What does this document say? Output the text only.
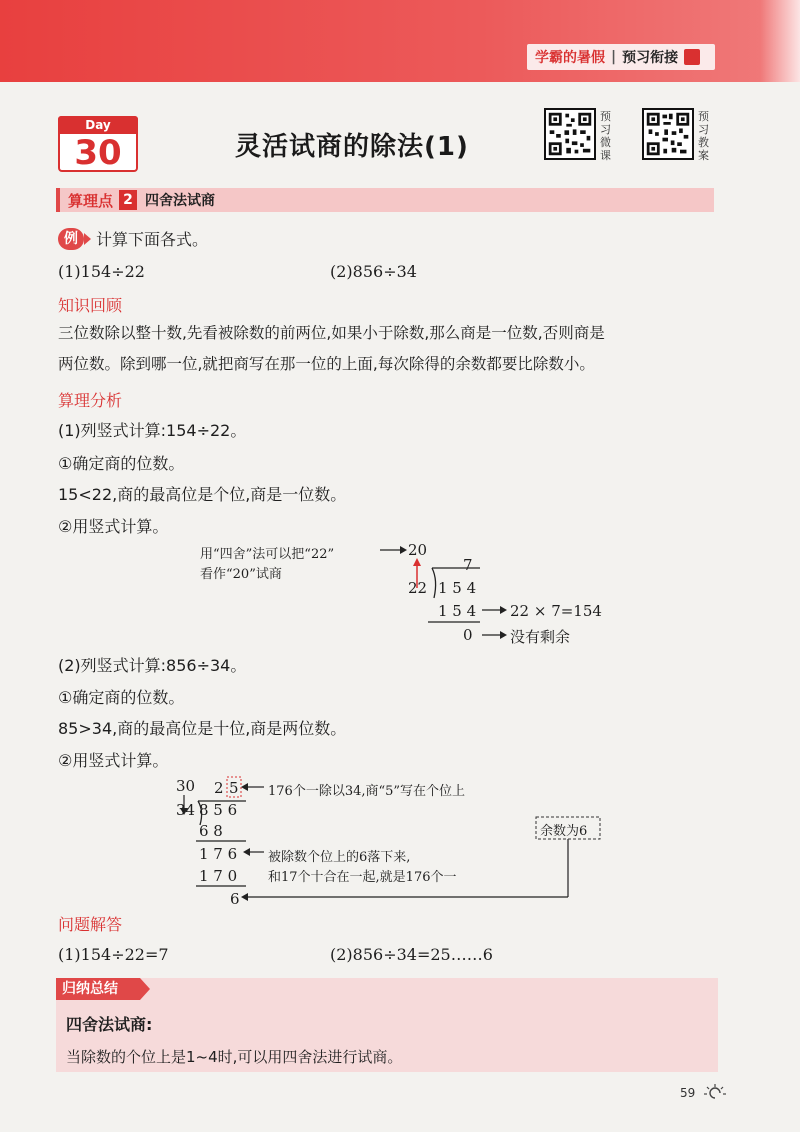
学霸的暑假 | 预习衔接
Day
30	灵活试商的除法(1)
预习微课
预习教案
算理点 2 四舍法试商
例	计算下面各式。
(1)154÷22	(2)856÷34
知识回顾
三位数除以整十数,先看被除数的前两位,如果小于除数,那么商是一位数,否则商是
两位数。除到哪一位,就把商写在那一位的上面,每次除得的余数都要比除数小。
算理分析
(1)列竖式计算:154÷22。
①确定商的位数。
15<22,商的最高位是个位,商是一位数。
②用竖式计算。
用“四舍”法可以把“22”
看作“20”试商
20
7
22 1 5 4
1 5 4 22 × 7=154
0 没有剩余
(2)列竖式计算:856÷34。
①确定商的位数。
85>34,商的最高位是十位,商是两位数。
②用竖式计算。
30 2 5 176个一除以34,商“5”写在个位上
34 8 5 6
6 8
1 7 6 被除数个位上的6落下来,
和17个十合在一起,就是176个一
1 7 0
6
余数为6
问题解答
(1)154÷22=7	(2)856÷34=25……6
归纳总结
四舍法试商:
当除数的个位上是1~4时,可以用四舍法进行试商。
59
